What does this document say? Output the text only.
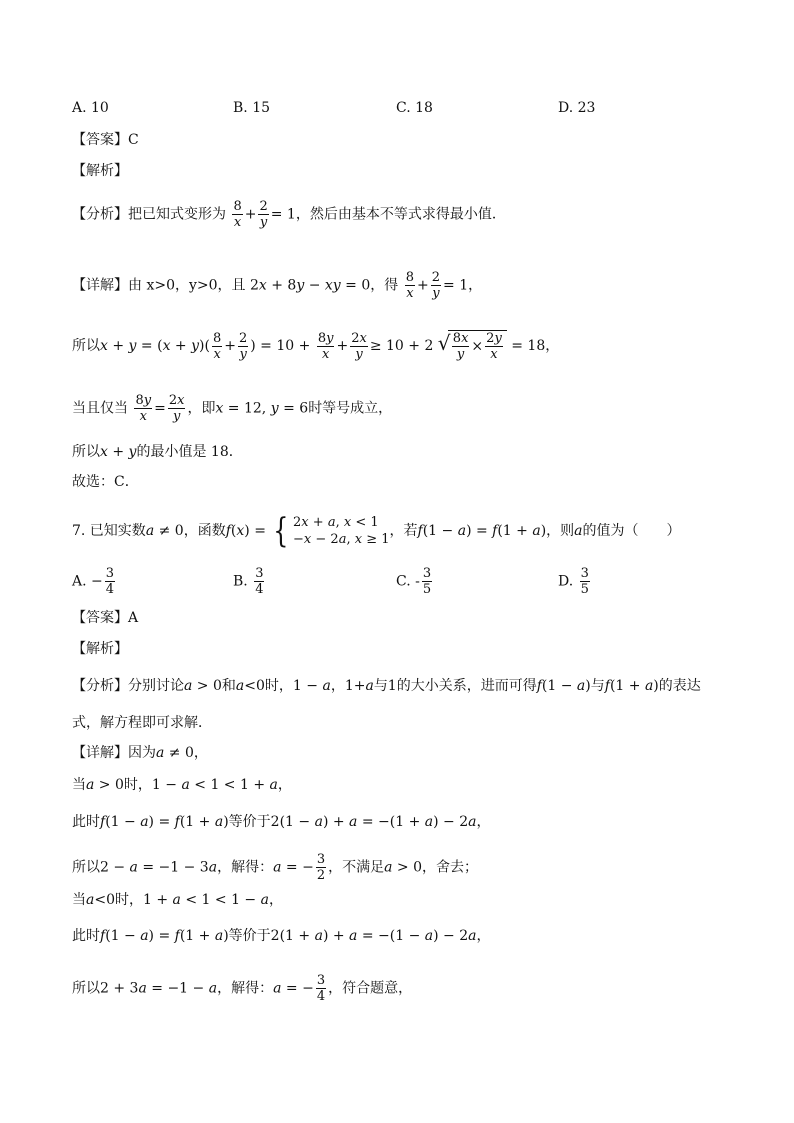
A. 10	B. 15	C. 18	D. 23
【答案】C
【解析】
【分析】把已知式变形为 $\frac{8}{x} + \frac{2}{y} = 1$，然后由基本不等式求得最小值．
【详解】由 x>0，y>0，且 2x + 8y − xy = 0，得 $\frac{8}{x} + \frac{2}{y} = 1$，
所以$x + y = (x + y)( \frac{8}{x} + \frac{2}{y}$ ) = $10 + \frac{8y}{x} + \frac{2x}{y} \ge 10 + 2$
√ $\frac{8x}{y} \times \frac{2y}{x} = 18$，
当且仅当 $\frac{8y}{x} = \frac{2x}{y}$ ，即x = 12, y = 6时等号成立，
所以x + y的最小值是 18．
故选：C．
7. 已知实数a ≠ 0，函数f(x) = { 2x + a, x < 1
−x − 2a, x ≥ 1
，若f(1 − a) = f(1 + a)，则a的值为（　　）
A. − $\frac{3}{4}$	B. $\frac{3}{4}$	C. - $\frac{3}{5}$	D. $\frac{3}{5}$
【答案】A
【解析】
【分析】分别讨论a > 0和a<0时，1 − a，1+a与1的大小关系，进而可得f(1 − a)与f(1 + a)的表达
式，解方程即可求解．
【详解】因为a ≠ 0，
当a > 0时，1 − a < 1 < 1 + a，
此时f(1 − a) = f(1 + a)等价于2(1 − a) + a = −(1 + a) − 2a，
所以2 − a = −1 − 3a，解得：a = − $\frac{3}{2}$ ，不满足a > 0，舍去；
当a<0时，1 + a < 1 < 1 − a，
此时f(1 − a) = f(1 + a)等价于2(1 + a) + a = −(1 − a) − 2a，
所以2 + 3a = −1 − a，解得：a = − $\frac{3}{4}$ ，符合题意，
